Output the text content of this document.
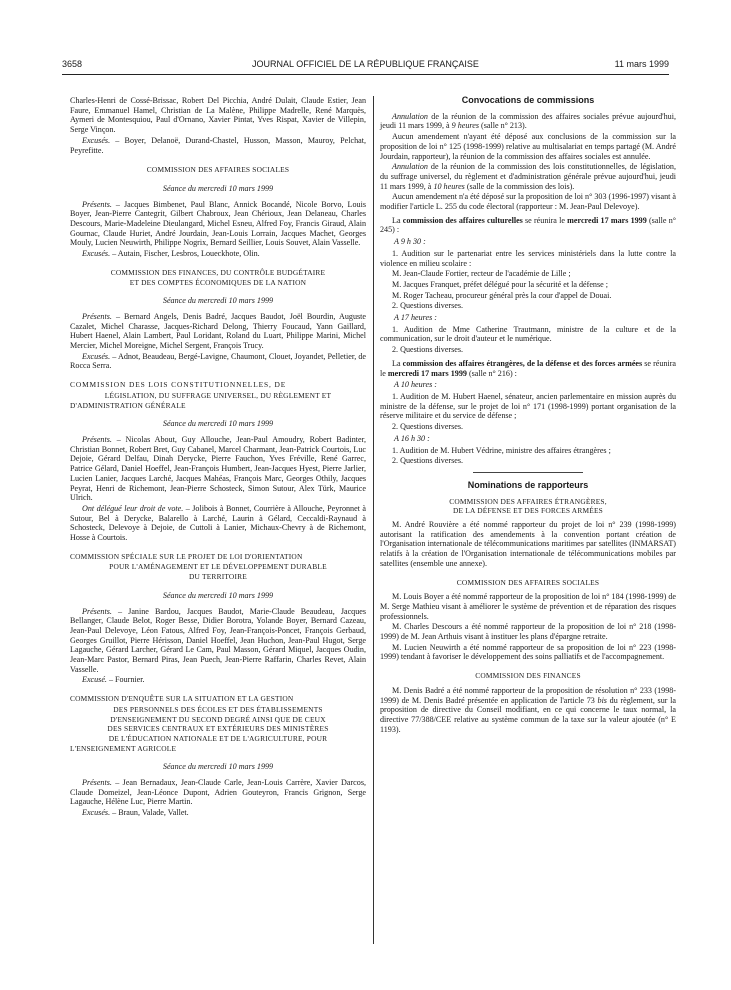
3658	JOURNAL OFFICIEL DE LA RÉPUBLIQUE FRANÇAISE	11 mars 1999

Charles-Henri de Cossé-Brissac, Robert Del Picchia, André Dulait, Claude Estier, Jean Faure, Emmanuel Hamel, Christian de La Malène, Philippe Madrelle, René Marquès, Aymeri de Montesquiou, Paul d'Ornano, Xavier Pintat, Yves Rispat, Xavier de Villepin, Serge Vinçon.

Excusés. – Boyer, Delanoë, Durand-Chastel, Husson, Masson, Mauroy, Pelchat, Peyrefitte.

COMMISSION DES AFFAIRES SOCIALES

Séance du mercredi 10 mars 1999

Présents. – Jacques Bimbenet, Paul Blanc, Annick Bocandé, Nicole Borvo, Louis Boyer, Jean-Pierre Cantegrit, Gilbert Chabroux, Jean Chérioux, Jean Delaneau, Charles Descours, Marie-Madeleine Dieulangard, Michel Esneu, Alfred Foy, Francis Giraud, Alain Gournac, Claude Huriet, André Jourdain, Jean-Louis Lorrain, Jacques Machet, Georges Mouly, Lucien Neuwirth, Philippe Nogrix, Bernard Seillier, Louis Souvet, Alain Vasselle.

Excusés. – Autain, Fischer, Lesbros, Loueckhote, Olin.

COMMISSION DES FINANCES, DU CONTRÔLE BUDGÉTAIRE

ET DES COMPTES ÉCONOMIQUES DE LA NATION

Séance du mercredi 10 mars 1999

Présents. – Bernard Angels, Denis Badré, Jacques Baudot, Joël Bourdin, Auguste Cazalet, Michel Charasse, Jacques-Richard Delong, Thierry Foucaud, Yann Gaillard, Hubert Haenel, Alain Lambert, Paul Loridant, Roland du Luart, Philippe Marini, Michel Mercier, Michel Moreigne, Michel Sergent, François Trucy.

Excusés. – Adnot, Beaudeau, Bergé-Lavigne, Chaumont, Clouet, Joyandet, Pelletier, de Rocca Serra.

COMMISSION DES LOIS CONSTITUTIONNELLES, DE

LÉGISLATION, DU SUFFRAGE UNIVERSEL, DU RÈGLEMENT ET

D'ADMINISTRATION GÉNÉRALE

Séance du mercredi 10 mars 1999

Présents. – Nicolas About, Guy Allouche, Jean-Paul Amoudry, Robert Badinter, Christian Bonnet, Robert Bret, Guy Cabanel, Marcel Charmant, Jean-Patrick Courtois, Luc Dejoie, Gérard Delfau, Dinah Derycke, Pierre Fauchon, Yves Fréville, René Garrec, Patrice Gélard, Daniel Hoeffel, Jean-François Humbert, Jean-Jacques Hyest, Pierre Jarlier, Lucien Lanier, Jacques Larché, Jacques Mahéas, François Marc, Georges Othily, Jacques Peyrat, Henri de Richemont, Jean-Pierre Schosteck, Simon Sutour, Alex Türk, Maurice Ulrich.

Ont délégué leur droit de vote. – Jolibois à Bonnet, Courrière à Allouche, Peyronnet à Sutour, Bel à Derycke, Balarello à Larché, Laurin à Gélard, Ceccaldi-Raynaud à Schosteck, Delevoye à Dejoie, de Cuttoli à Lanier, Michaux-Chevry à de Richemont, Hosse à Courtois.

COMMISSION SPÉCIALE SUR LE PROJET DE LOI D'ORIENTATION

POUR L'AMÉNAGEMENT ET LE DÉVELOPPEMENT DURABLE

DU TERRITOIRE

Séance du mercredi 10 mars 1999

Présents. – Janine Bardou, Jacques Baudot, Marie-Claude Beaudeau, Jacques Bellanger, Claude Belot, Roger Besse, Didier Borotra, Yolande Boyer, Bernard Cazeau, Jean-Paul Delevoye, Léon Fatous, Alfred Foy, Jean-François-Poncet, François Gerbaud, Georges Gruillot, Pierre Hérisson, Daniel Hoeffel, Jean Huchon, Jean-Paul Hugot, Serge Lagauche, Gérard Larcher, Gérard Le Cam, Paul Masson, Gérard Miquel, Jacques Oudin, Jean-Marc Pastor, Bernard Piras, Jean Puech, Jean-Pierre Raffarin, Charles Revet, Alain Vasselle.

Excusé. – Fournier.

COMMISSION D'ENQUÊTE SUR LA SITUATION ET LA GESTION

DES PERSONNELS DES ÉCOLES ET DES ÉTABLISSEMENTS

D'ENSEIGNEMENT DU SECOND DEGRÉ AINSI QUE DE CEUX

DES SERVICES CENTRAUX ET EXTÉRIEURS DES MINISTÈRES

DE L'ÉDUCATION NATIONALE ET DE L'AGRICULTURE, POUR

L'ENSEIGNEMENT AGRICOLE

Séance du mercredi 10 mars 1999

Présents. – Jean Bernadaux, Jean-Claude Carle, Jean-Louis Carrère, Xavier Darcos, Claude Domeizel, Jean-Léonce Dupont, Adrien Gouteyron, Francis Grignon, Serge Lagauche, Hélène Luc, Pierre Martin.

Excusés. – Braun, Valade, Vallet.

Convocations de commissions

Annulation de la réunion de la commission des affaires sociales prévue aujourd'hui, jeudi 11 mars 1999, à 9 heures (salle n° 213).

Aucun amendement n'ayant été déposé aux conclusions de la commission sur la proposition de loi n° 125 (1998-1999) relative au multisalariat en temps partagé (M. André Jourdain, rapporteur), la réunion de la commission des affaires sociales est annulée.

Annulation de la réunion de la commission des lois constitutionnelles, de législation, du suffrage universel, du règlement et d'administration générale prévue aujourd'hui, jeudi 11 mars 1999, à 10 heures (salle de la commission des lois).

Aucun amendement n'a été déposé sur la proposition de loi n° 303 (1996-1997) visant à modifier l'article L. 255 du code électoral (rapporteur : M. Jean-Paul Delevoye).

La commission des affaires culturelles se réunira le mercredi 17 mars 1999 (salle n° 245) :

A 9 h 30 :

1. Audition sur le partenariat entre les services ministériels dans la lutte contre la violence en milieu scolaire :

M. Jean-Claude Fortier, recteur de l'académie de Lille ;

M. Jacques Franquet, préfet délégué pour la sécurité et la défense ;

M. Roger Tacheau, procureur général près la cour d'appel de Douai.

2. Questions diverses.

A 17 heures :

1. Audition de Mme Catherine Trautmann, ministre de la culture et de la communication, sur le droit d'auteur et le numérique.

2. Questions diverses.

La commission des affaires étrangères, de la défense et des forces armées se réunira le mercredi 17 mars 1999 (salle n° 216) :

A 10 heures :

1. Audition de M. Hubert Haenel, sénateur, ancien parlementaire en mission auprès du ministre de la défense, sur le projet de loi n° 171 (1998-1999) portant organisation de la réserve militaire et du service de défense ;

2. Questions diverses.

A 16 h 30 :

1. Audition de M. Hubert Védrine, ministre des affaires étrangères ;

2. Questions diverses.

Nominations de rapporteurs

COMMISSION DES AFFAIRES ÉTRANGÈRES,

DE LA DÉFENSE ET DES FORCES ARMÉES

M. André Rouvière a été nommé rapporteur du projet de loi n° 239 (1998-1999) autorisant la ratification des amendements à la convention portant création de l'Organisation internationale de télécommunications maritimes par satellites (INMARSAT) relatifs à la création de l'Organisation internationale de télécommunications mobiles par satellites (ensemble une annexe).

COMMISSION DES AFFAIRES SOCIALES

M. Louis Boyer a été nommé rapporteur de la proposition de loi n° 184 (1998-1999) de M. Serge Mathieu visant à améliorer le système de prévention et de réparation des risques professionnels.

M. Charles Descours a été nommé rapporteur de la proposition de loi n° 218 (1998-1999) de M. Jean Arthuis visant à instituer les plans d'épargne retraite.

M. Lucien Neuwirth a été nommé rapporteur de sa proposition de loi n° 223 (1998-1999) tendant à favoriser le développement des soins palliatifs et de l'accompagnement.

COMMISSION DES FINANCES

M. Denis Badré a été nommé rapporteur de la proposition de résolution n° 233 (1998-1999) de M. Denis Badré présentée en application de l'article 73 bis du règlement, sur la proposition de directive du Conseil modifiant, en ce qui concerne le taux normal, la directive 77/388/CEE relative au système commun de la taxe sur la valeur ajoutée (n° E 1193).
